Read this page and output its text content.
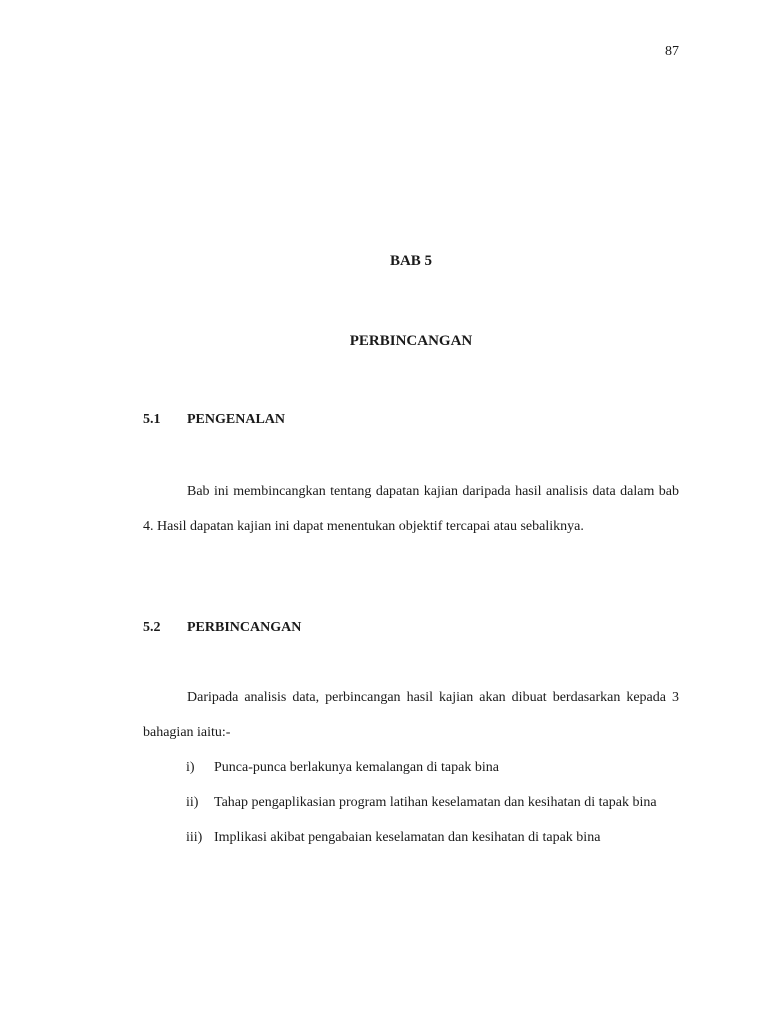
87
BAB 5
PERBINCANGAN
5.1 PENGENALAN
Bab ini membincangkan tentang dapatan kajian daripada hasil analisis data dalam bab 4. Hasil dapatan kajian ini dapat menentukan objektif tercapai atau sebaliknya.
5.2 PERBINCANGAN
Daripada analisis data, perbincangan hasil kajian akan dibuat berdasarkan kepada 3 bahagian iaitu:-
i)	Punca-punca berlakunya kemalangan di tapak bina
ii)	Tahap pengaplikasian program latihan keselamatan dan kesihatan di tapak bina
iii) Implikasi akibat pengabaian keselamatan dan kesihatan di tapak bina
